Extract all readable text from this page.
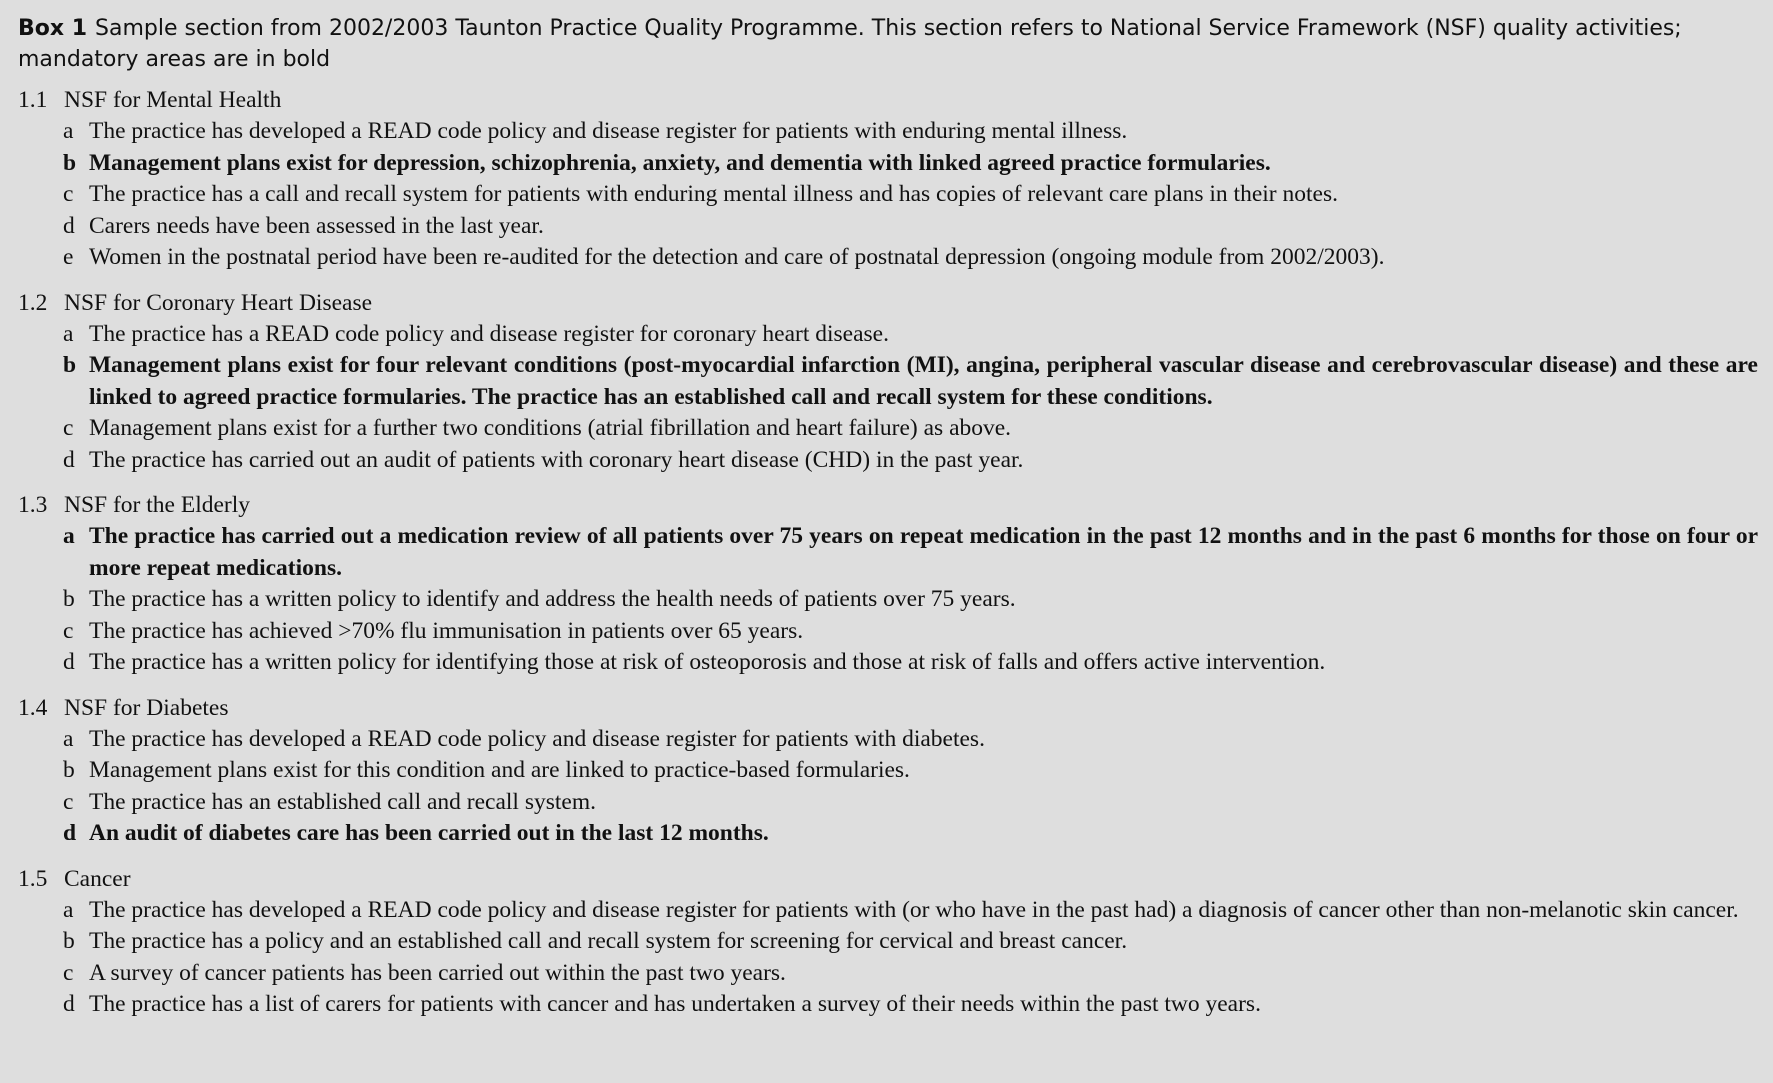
Box 1 Sample section from 2002/2003 Taunton Practice Quality Programme. This section refers to National Service Framework (NSF) quality activities; mandatory areas are in bold

1.1 NSF for Mental Health
a The practice has developed a READ code policy and disease register for patients with enduring mental illness.
b Management plans exist for depression, schizophrenia, anxiety, and dementia with linked agreed practice formularies.
c The practice has a call and recall system for patients with enduring mental illness and has copies of relevant care plans in their notes.
d Carers needs have been assessed in the last year.
e Women in the postnatal period have been re-audited for the detection and care of postnatal depression (ongoing module from 2002/2003).
1.2 NSF for Coronary Heart Disease
a The practice has a READ code policy and disease register for coronary heart disease.
b Management plans exist for four relevant conditions (post-myocardial infarction (MI), angina, peripheral vascular disease and cerebrovascular disease) and these are linked to agreed practice formularies. The practice has an established call and recall system for these conditions.
c Management plans exist for a further two conditions (atrial fibrillation and heart failure) as above.
d The practice has carried out an audit of patients with coronary heart disease (CHD) in the past year.
1.3 NSF for the Elderly
a The practice has carried out a medication review of all patients over 75 years on repeat medication in the past 12 months and in the past 6 months for those on four or more repeat medications.
b The practice has a written policy to identify and address the health needs of patients over 75 years.
c The practice has achieved >70% flu immunisation in patients over 65 years.
d The practice has a written policy for identifying those at risk of osteoporosis and those at risk of falls and offers active intervention.
1.4 NSF for Diabetes
a The practice has developed a READ code policy and disease register for patients with diabetes.
b Management plans exist for this condition and are linked to practice-based formularies.
c The practice has an established call and recall system.
d An audit of diabetes care has been carried out in the last 12 months.
1.5 Cancer
a The practice has developed a READ code policy and disease register for patients with (or who have in the past had) a diagnosis of cancer other than non-melanotic skin cancer.
b The practice has a policy and an established call and recall system for screening for cervical and breast cancer.
c A survey of cancer patients has been carried out within the past two years.
d The practice has a list of carers for patients with cancer and has undertaken a survey of their needs within the past two years.
